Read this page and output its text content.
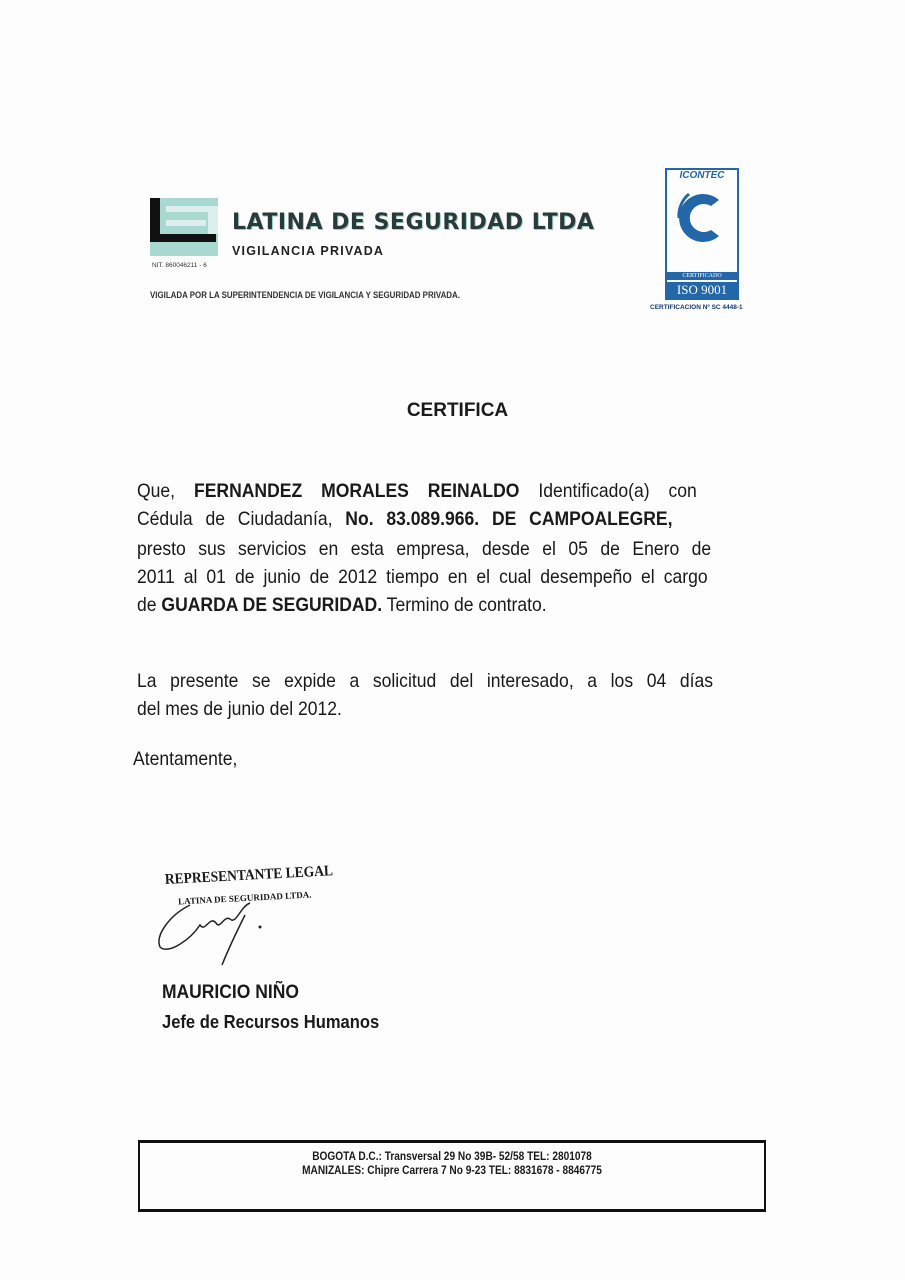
LATINA DE SEGURIDAD LTDA
VIGILANCIA PRIVADA
NIT. 860046211 - 6
VIGILADA POR LA SUPERINTENDENCIA DE VIGILANCIA Y SEGURIDAD PRIVADA.
ICONTEC
CERTIFICADO
ISO 9001
CERTIFICACION Nº SC 4448-1
CERTIFICA
Que, FERNANDEZ MORALES REINALDO Identificado(a) con
Cédula de Ciudadanía, No. 83.089.966. DE CAMPOALEGRE,
presto sus servicios en esta empresa, desde el 05 de Enero de
2011 al 01 de junio de 2012 tiempo en el cual desempeño el cargo
de GUARDA DE SEGURIDAD. Termino de contrato.
La presente se expide a solicitud del interesado, a los 04 días
del mes de junio del 2012.
Atentamente,
REPRESENTANTE LEGAL
LATINA DE SEGURIDAD LTDA.
MAURICIO NIÑO
Jefe de Recursos Humanos
BOGOTA D.C.: Transversal 29 No 39B- 52/58 TEL: 2801078
MANIZALES: Chipre Carrera 7 No 9-23 TEL: 8831678 - 8846775
